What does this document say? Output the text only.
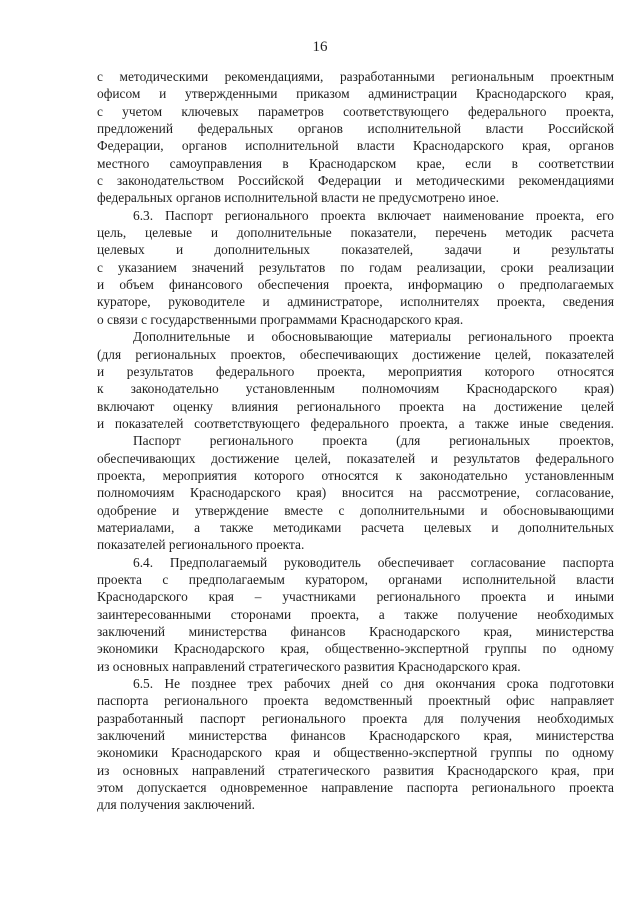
16
с методическими рекомендациями, разработанными региональным проектным
офисом и утвержденными приказом администрации Краснодарского края,
с учетом ключевых параметров соответствующего федерального проекта,
предложений федеральных органов исполнительной власти Российской
Федерации, органов исполнительной власти Краснодарского края, органов
местного самоуправления в Краснодарском крае, если в соответствии
с законодательством Российской Федерации и методическими рекомендациями
федеральных органов исполнительной власти не предусмотрено иное.
6.3. Паспорт регионального проекта включает наименование проекта, его
цель, целевые и дополнительные показатели, перечень методик расчета
целевых и дополнительных показателей, задачи и результаты
с указанием значений результатов по годам реализации, сроки реализации
и объем финансового обеспечения проекта, информацию о предполагаемых
кураторе, руководителе и администраторе, исполнителях проекта, сведения
о связи с государственными программами Краснодарского края.
Дополнительные и обосновывающие материалы регионального проекта
(для региональных проектов, обеспечивающих достижение целей, показателей
и результатов федерального проекта, мероприятия которого относятся
к законодательно установленным полномочиям Краснодарского края)
включают оценку влияния регионального проекта на достижение целей
и показателей соответствующего федерального проекта, а также иные сведения.
Паспорт регионального проекта (для региональных проектов,
обеспечивающих достижение целей, показателей и результатов федерального
проекта, мероприятия которого относятся к законодательно установленным
полномочиям Краснодарского края) вносится на рассмотрение, согласование,
одобрение и утверждение вместе с дополнительными и обосновывающими
материалами, а также методиками расчета целевых и дополнительных
показателей регионального проекта.
6.4. Предполагаемый руководитель обеспечивает согласование паспорта
проекта с предполагаемым куратором, органами исполнительной власти
Краснодарского края – участниками регионального проекта и иными
заинтересованными сторонами проекта, а также получение необходимых
заключений министерства финансов Краснодарского края, министерства
экономики Краснодарского края, общественно-экспертной группы по одному
из основных направлений стратегического развития Краснодарского края.
6.5. Не позднее трех рабочих дней со дня окончания срока подготовки
паспорта регионального проекта ведомственный проектный офис направляет
разработанный паспорт регионального проекта для получения необходимых
заключений министерства финансов Краснодарского края, министерства
экономики Краснодарского края и общественно-экспертной группы по одному
из основных направлений стратегического развития Краснодарского края, при
этом допускается одновременное направление паспорта регионального проекта
для получения заключений.
